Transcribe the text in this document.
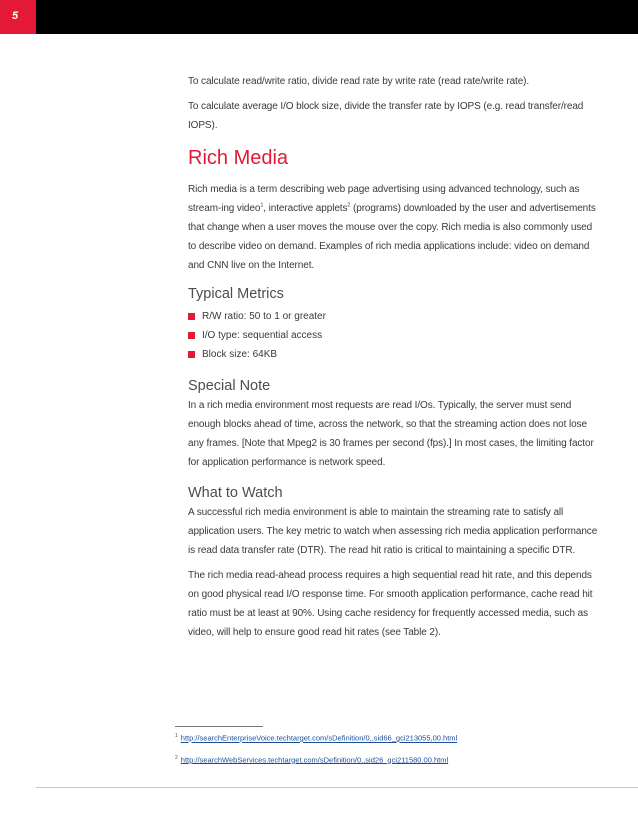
5

To calculate read/write ratio, divide read rate by write rate (read rate/write rate).

To calculate average I/O block size, divide the transfer rate by IOPS (e.g. read transfer/read IOPS).

Rich Media

Rich media is a term describing web page advertising using advanced technology, such as stream-ing video$^1$, interactive applets$^2$ (programs) downloaded by the user and advertisements that change when a user moves the mouse over the copy. Rich media is also commonly used to describe video on demand. Examples of rich media applications include: video on demand and CNN live on the Internet.

Typical Metrics
R/W ratio: 50 to 1 or greater
I/O type: sequential access
Block size: 64KB
Special Note

In a rich media environment most requests are read I/Os. Typically, the server must send enough blocks ahead of time, across the network, so that the streaming action does not lose any frames. [Note that Mpeg2 is 30 frames per second (fps).] In most cases, the limiting factor for application performance is network speed.

What to Watch

A successful rich media environment is able to maintain the streaming rate to satisfy all application users. The key metric to watch when assessing rich media application performance is read data transfer rate (DTR). The read hit ratio is critical to maintaining a specific DTR.

The rich media read-ahead process requires a high sequential read hit rate, and this depends on good physical read I/O response time. For smooth application performance, cache read hit ratio must be at least at 90%. Using cache residency for frequently accessed media, such as video, will help to ensure good read hit rates (see Table 2).

$^1$ http://searchEnterpriseVoice.techtarget.com/sDefinition/0,,sid66_gci213055,00.html
$^2$ http://searchWebServices.techtarget.com/sDefinition/0,,sid26_gci211580,00.html
